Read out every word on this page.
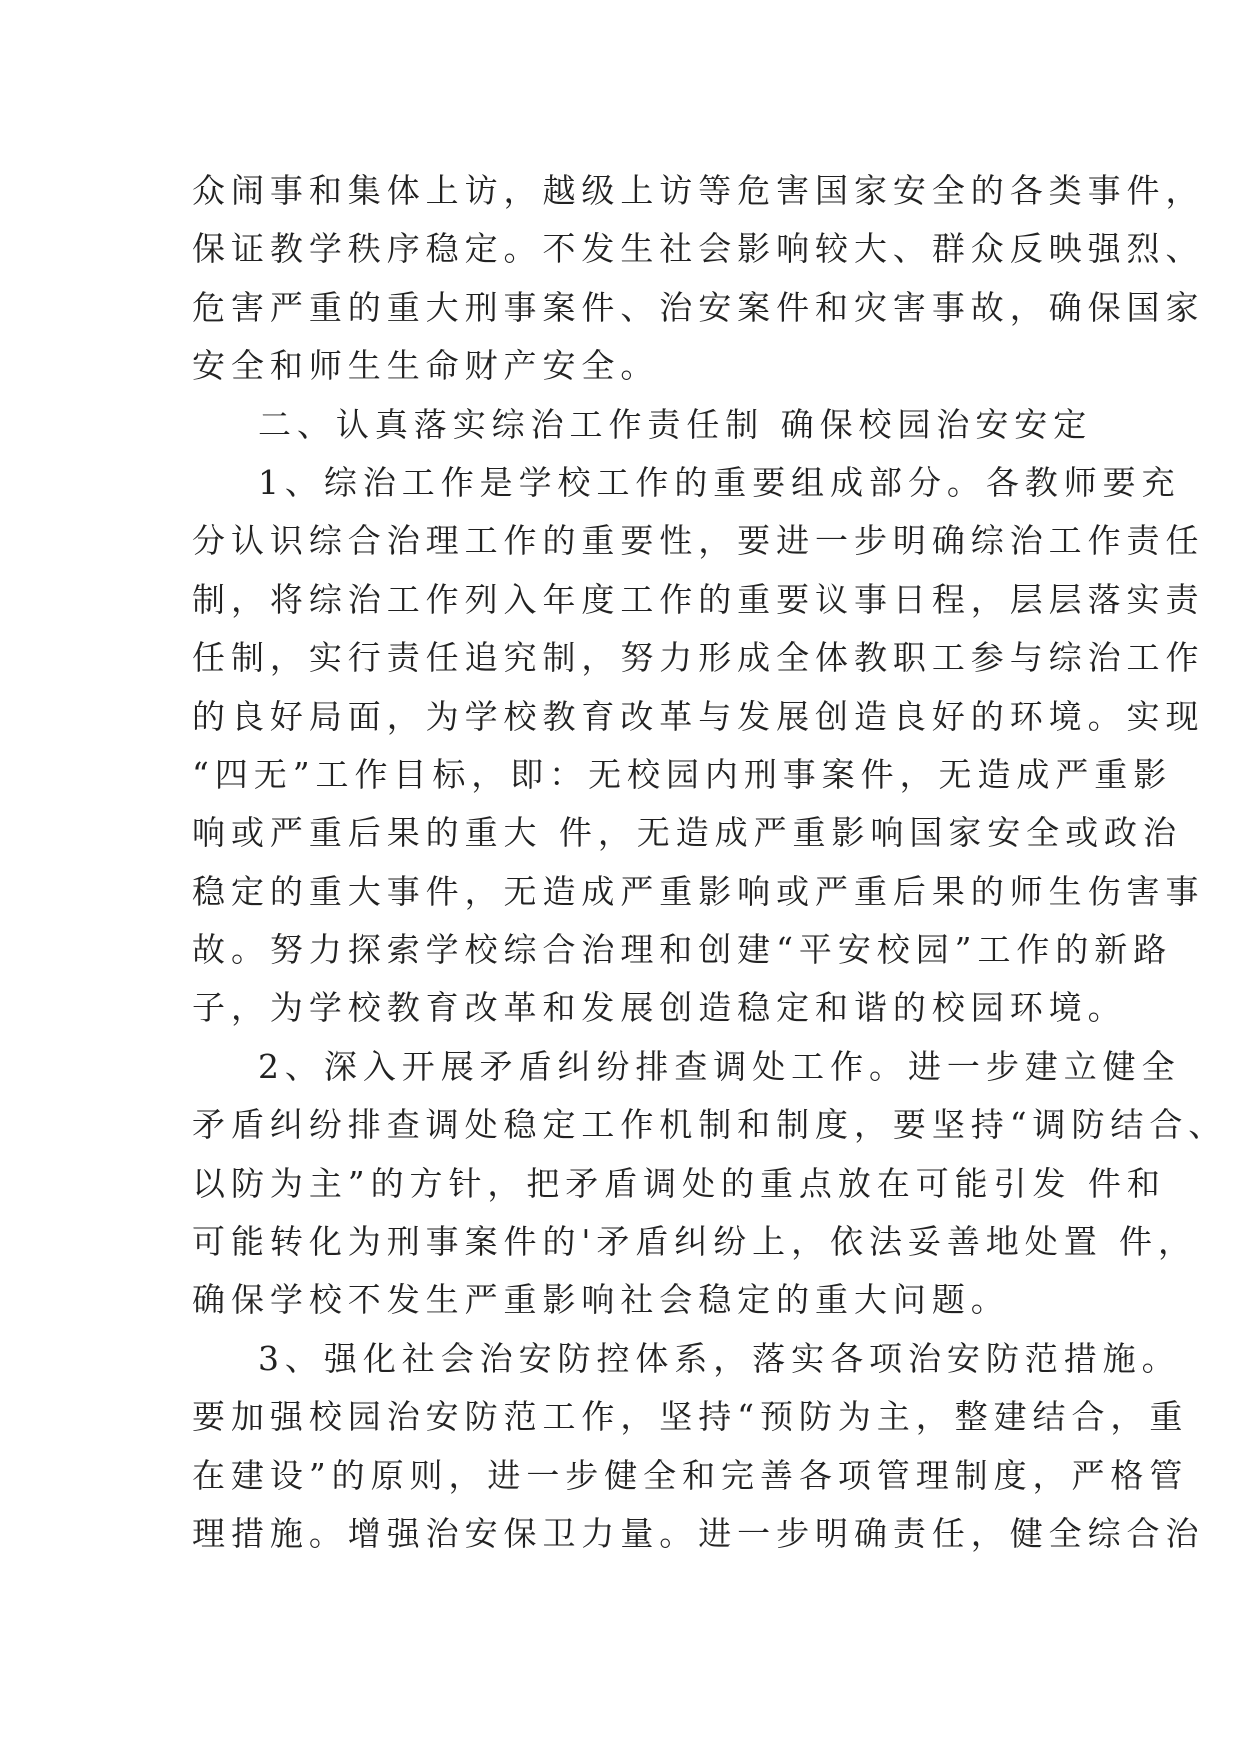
众闹事和集体上访，越级上访等危害国家安全的各类事件，
保证教学秩序稳定。不发生社会影响较大、群众反映强烈、
危害严重的重大刑事案件、治安案件和灾害事故，确保国家
安全和师生生命财产安全。
二、认真落实综治工作责任制 确保校园治安安定
1、综治工作是学校工作的重要组成部分。各教师要充
分认识综合治理工作的重要性，要进一步明确综治工作责任
制，将综治工作列入年度工作的重要议事日程，层层落实责
任制，实行责任追究制，努力形成全体教职工参与综治工作
的良好局面，为学校教育改革与发展创造良好的环境。实现
“四无”工作目标，即：无校园内刑事案件，无造成严重影
响或严重后果的重大 件，无造成严重影响国家安全或政治
稳定的重大事件，无造成严重影响或严重后果的师生伤害事
故。努力探索学校综合治理和创建“平安校园”工作的新路
子，为学校教育改革和发展创造稳定和谐的校园环境。
2、深入开展矛盾纠纷排查调处工作。进一步建立健全
矛盾纠纷排查调处稳定工作机制和制度，要坚持“调防结合、
以防为主”的方针，把矛盾调处的重点放在可能引发 件和
可能转化为刑事案件的'矛盾纠纷上，依法妥善地处置 件，
确保学校不发生严重影响社会稳定的重大问题。
3、强化社会治安防控体系，落实各项治安防范措施。
要加强校园治安防范工作，坚持“预防为主，整建结合，重
在建设”的原则，进一步健全和完善各项管理制度，严格管
理措施。增强治安保卫力量。进一步明确责任，健全综合治
